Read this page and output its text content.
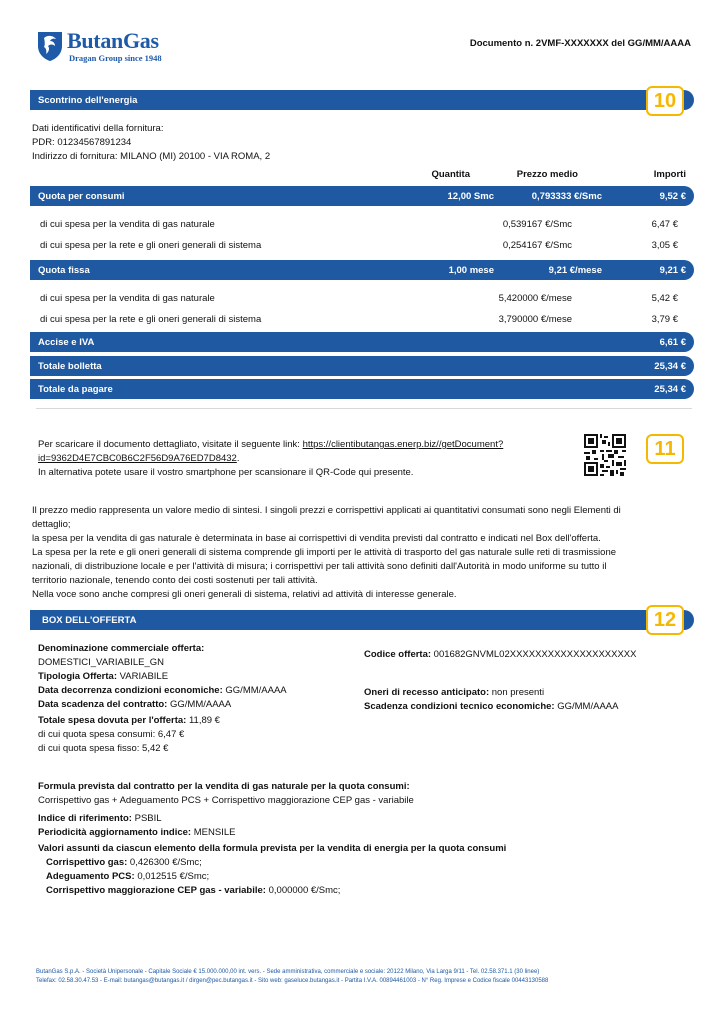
ButanGas
Dragan Group since 1948
Documento n. 2VMF-XXXXXXX del GG/MM/AAAA
Scontrino dell'energia	10
Dati identificativi della fornitura:
PDR: 01234567891234
Indirizzo di fornitura: MILANO (MI) 20100 - VIA ROMA, 2
Quantita	Prezzo medio	Importi
Quota per consumi	12,00 Smc	0,793333 €/Smc	9,52 €
di cui spesa per la vendita di gas naturale	0,539167 €/Smc	6,47 €
di cui spesa per la rete e gli oneri generali di sistema	0,254167 €/Smc	3,05 €
Quota fissa	1,00 mese	9,21 €/mese	9,21 €
di cui spesa per la vendita di gas naturale	5,420000 €/mese	5,42 €
di cui spesa per la rete e gli oneri generali di sistema	3,790000 €/mese	3,79 €
Accise e IVA	6,61 €
Totale bolletta	25,34 €
Totale da pagare	25,34 €
Per scaricare il documento dettagliato, visitate il seguente link: https://clientibutangas.enerp.biz//getDocument?
id=9362D4E7CBC0B6C2F56D9A76ED7D8432.
In alternativa potete usare il vostro smartphone per scansionare il QR-Code qui presente.
11
Il prezzo medio rappresenta un valore medio di sintesi. I singoli prezzi e corrispettivi applicati ai quantitativi consumati sono negli Elementi di
dettaglio;
la spesa per la vendita di gas naturale è determinata in base ai corrispettivi di vendita previsti dal contratto e indicati nel Box dell'offerta.
La spesa per la rete e gli oneri generali di sistema comprende gli importi per le attività di trasporto del gas naturale sulle reti di trasmissione
nazionali, di distribuzione locale e per l'attività di misura; i corrispettivi per tali attività sono definiti dall'Autorità in modo uniforme su tutto il
territorio nazionale, tenendo conto dei costi sostenuti per tali attività.
Nella voce sono anche compresi gli oneri generali di sistema, relativi ad attività di interesse generale.
BOX DELL'OFFERTA	12
Denominazione commerciale offerta:
DOMESTICI_VARIABILE_GN
Tipologia Offerta: VARIABILE
Data decorrenza condizioni economiche: GG/MM/AAAA
Data scadenza del contratto: GG/MM/AAAA
Totale spesa dovuta per l'offerta: 11,89 €
di cui quota spesa consumi: 6,47 €
di cui quota spesa fisso: 5,42 €
Codice offerta: 001682GNVML02XXXXXXXXXXXXXXXXXXXX
Oneri di recesso anticipato: non presenti
Scadenza condizioni tecnico economiche: GG/MM/AAAA
Formula prevista dal contratto per la vendita di gas naturale per la quota consumi:
Corrispettivo gas + Adeguamento PCS + Corrispettivo maggiorazione CEP gas - variabile
Indice di riferimento: PSBIL
Periodicità aggiornamento indice: MENSILE
Valori assunti da ciascun elemento della formula prevista per la vendita di energia per la quota consumi
Corrispettivo gas: 0,426300 €/Smc;
Adeguamento PCS: 0,012515 €/Smc;
Corrispettivo maggiorazione CEP gas - variabile: 0,000000 €/Smc;
ButanGas S.p.A. - Società Unipersonale - Capitale Sociale € 15.000.000,00 int. vers. - Sede amministrativa, commerciale e sociale: 20122 Milano, Via Larga 9/11 - Tel. 02.58.371.1 (30 linee)
Telefax: 02.58.30.47.53 - E-mail: butangas@butangas.it / dirgen@pec.butangas.it - Sito web: gaseluce.butangas.it - Partita I.V.A. 00894461003 - N° Reg. Imprese e Codice fiscale 00443130588
